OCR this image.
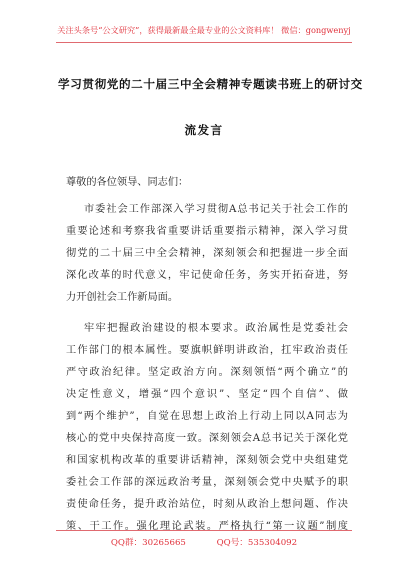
关注头条号“公文研究”，获得最新最全最专业的公文资料库！ 微信：gongwenyj
学习贯彻党的二十届三中全会精神专题读书班上的研讨交
流发言
尊敬的各位领导、同志们：
市委社会工作部深入学习贯彻A总书记关于社会工作的
重要论述和考察我省重要讲话重要指示精神，深入学习贯
彻党的二十届三中全会精神，深刻领会和把握进一步全面
深化改革的时代意义，牢记使命任务，务实开拓奋进，努
力开创社会工作新局面。
牢牢把握政治建设的根本要求。政治属性是党委社会
工作部门的根本属性。要旗帜鲜明讲政治，扛牢政治责任
严守政治纪律。坚定政治方向。深刻领悟“两个确立”的
决定性意义，增强“四个意识”、坚定“四个自信”、做
到“两个维护”，自觉在思想上政治上行动上同以A同志为
核心的党中央保持高度一致。深刻领会A总书记关于深化党
和国家机构改革的重要讲话精神，深刻领会党中央组建党
委社会工作部的深远政治考量，深刻领会党中央赋予的职
责使命任务，提升政治站位，时刻从政治上想问题、作决
策、干工作。强化理论武装。严格执行“第一议题”制度
QQ群：30265665	QQ号：535304092
